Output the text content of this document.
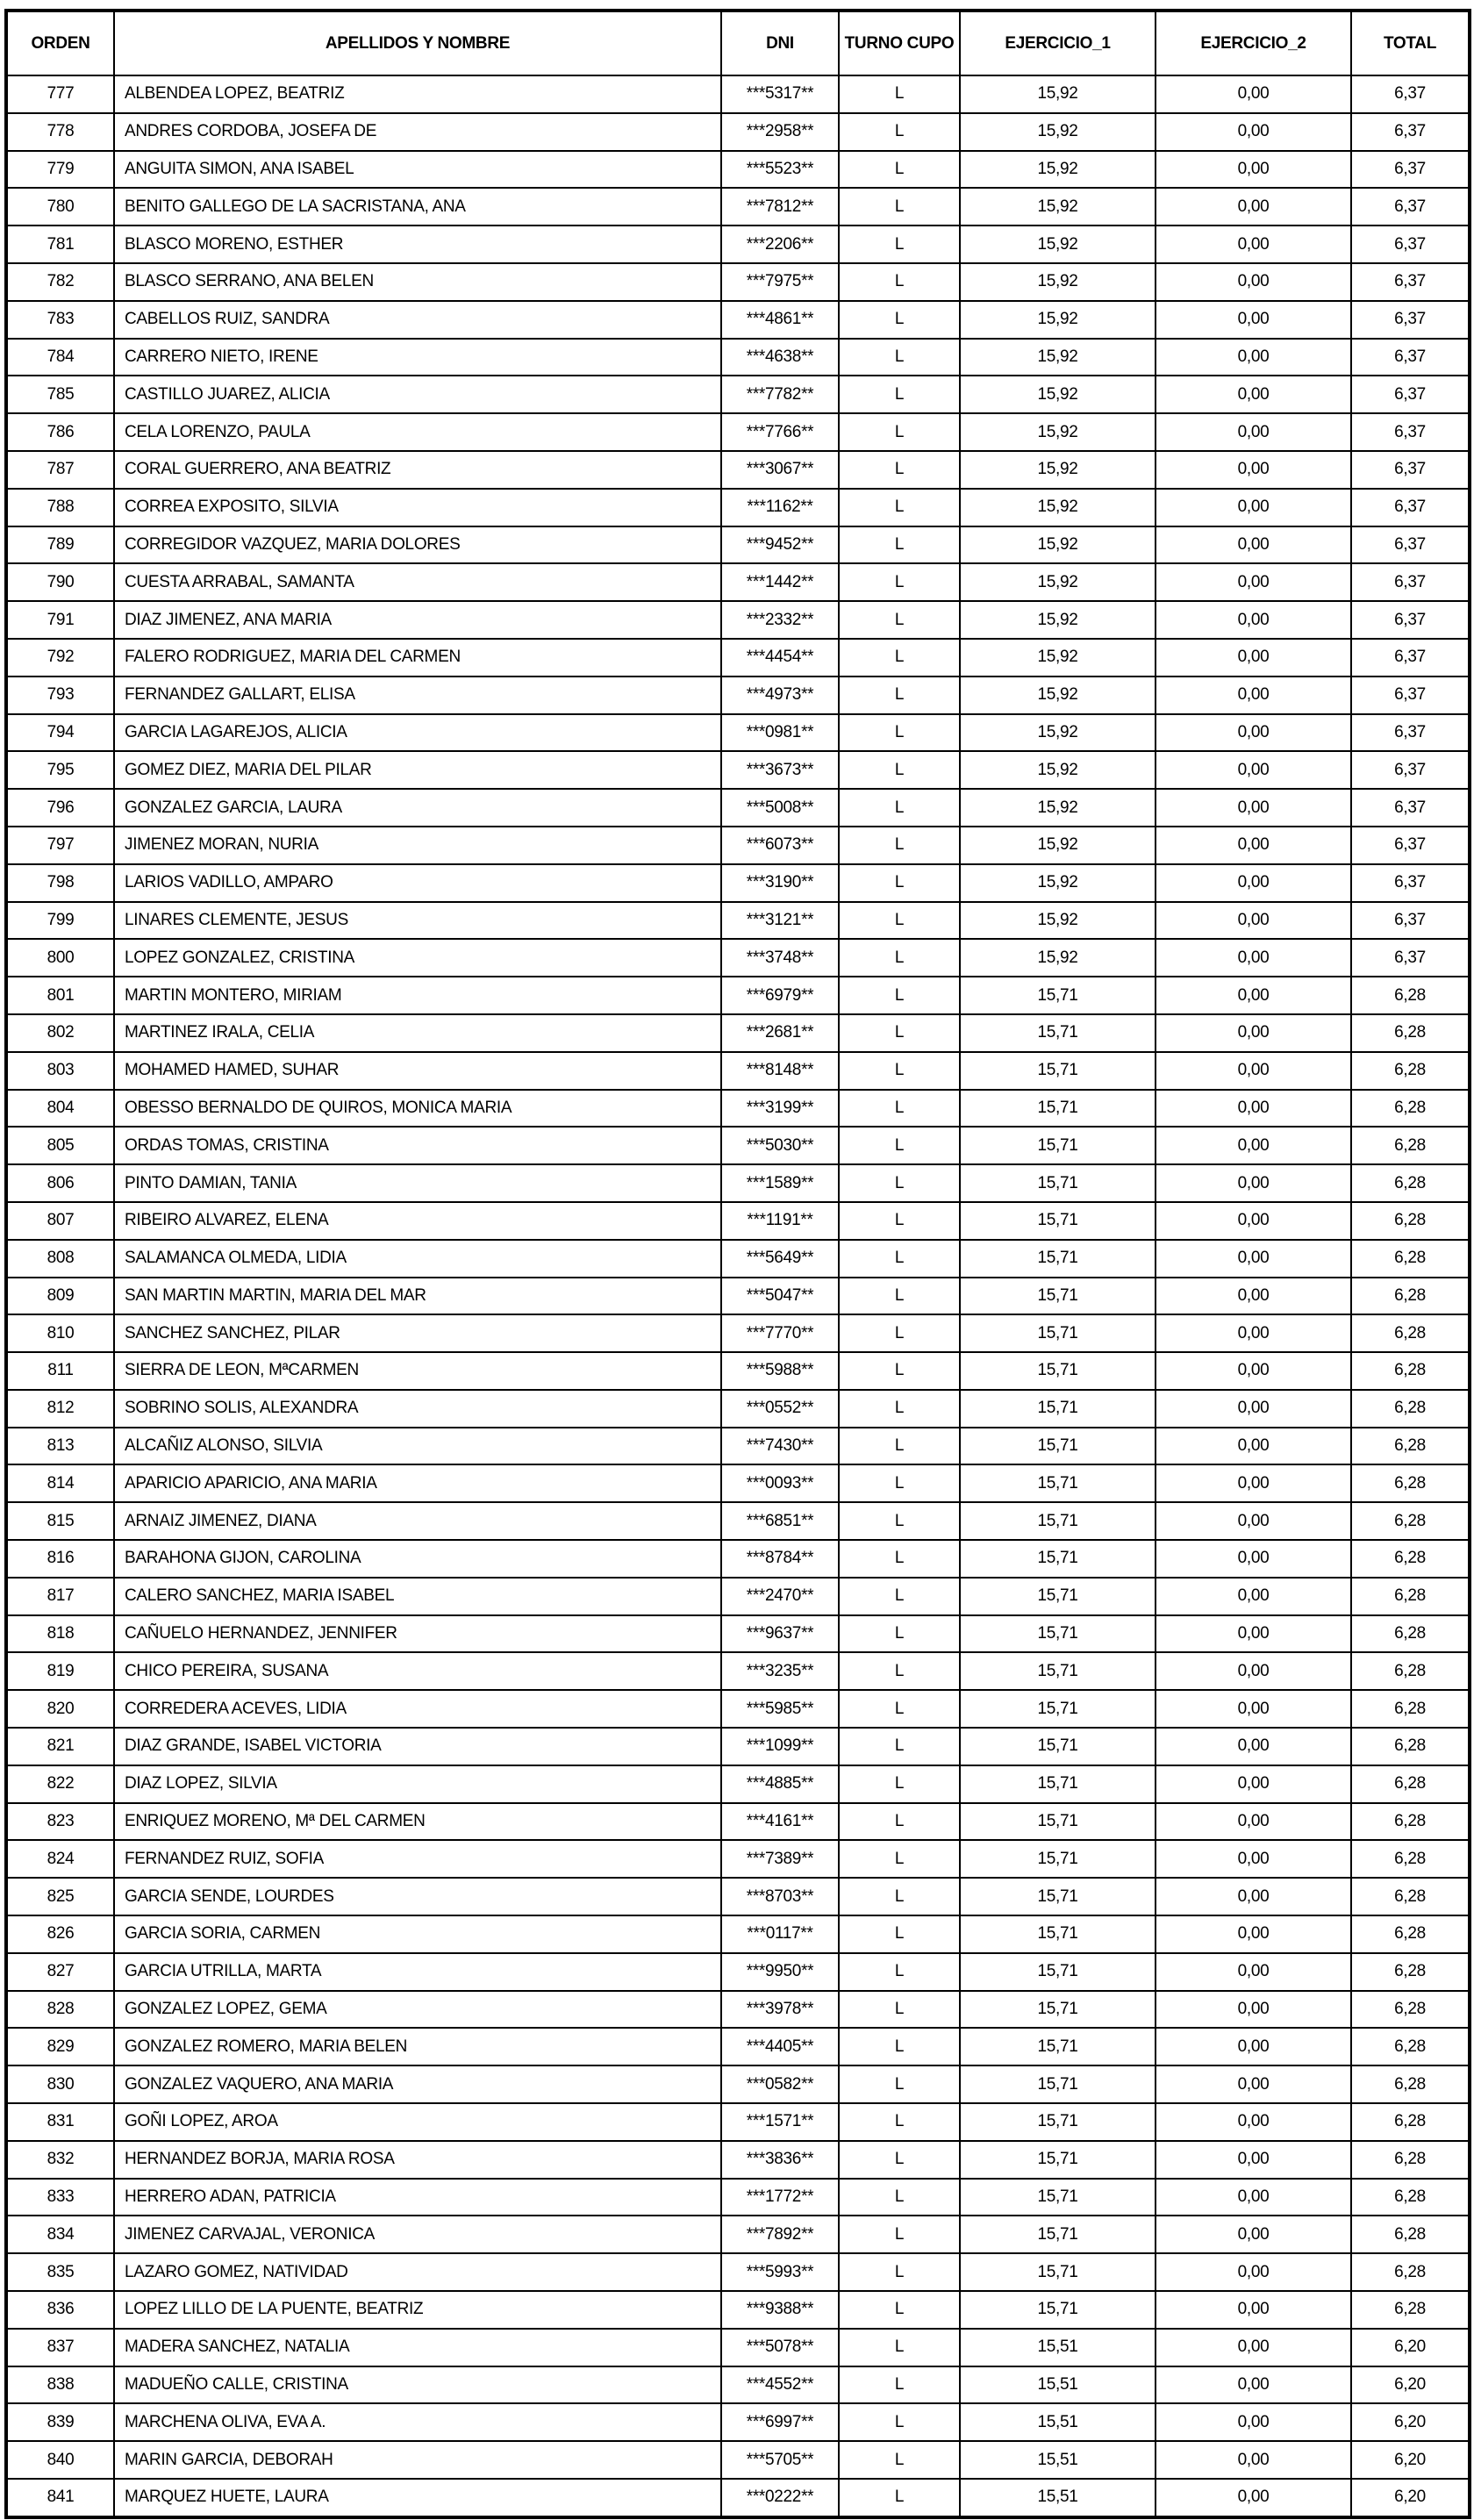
ORDEN	APELLIDOS Y NOMBRE	DNI	TURNO CUPO	EJERCICIO_1	EJERCICIO_2	TOTAL
777	ALBENDEA LOPEZ, BEATRIZ	***5317**	L	15,92	0,00	6,37
778	ANDRES CORDOBA, JOSEFA DE	***2958**	L	15,92	0,00	6,37
779	ANGUITA SIMON, ANA ISABEL	***5523**	L	15,92	0,00	6,37
780	BENITO GALLEGO DE LA SACRISTANA, ANA	***7812**	L	15,92	0,00	6,37
781	BLASCO MORENO, ESTHER	***2206**	L	15,92	0,00	6,37
782	BLASCO SERRANO, ANA BELEN	***7975**	L	15,92	0,00	6,37
783	CABELLOS RUIZ, SANDRA	***4861**	L	15,92	0,00	6,37
784	CARRERO NIETO, IRENE	***4638**	L	15,92	0,00	6,37
785	CASTILLO JUAREZ, ALICIA	***7782**	L	15,92	0,00	6,37
786	CELA LORENZO, PAULA	***7766**	L	15,92	0,00	6,37
787	CORAL GUERRERO, ANA BEATRIZ	***3067**	L	15,92	0,00	6,37
788	CORREA EXPOSITO, SILVIA	***1162**	L	15,92	0,00	6,37
789	CORREGIDOR VAZQUEZ, MARIA DOLORES	***9452**	L	15,92	0,00	6,37
790	CUESTA ARRABAL, SAMANTA	***1442**	L	15,92	0,00	6,37
791	DIAZ JIMENEZ, ANA MARIA	***2332**	L	15,92	0,00	6,37
792	FALERO RODRIGUEZ, MARIA DEL CARMEN	***4454**	L	15,92	0,00	6,37
793	FERNANDEZ GALLART, ELISA	***4973**	L	15,92	0,00	6,37
794	GARCIA LAGAREJOS, ALICIA	***0981**	L	15,92	0,00	6,37
795	GOMEZ DIEZ, MARIA DEL PILAR	***3673**	L	15,92	0,00	6,37
796	GONZALEZ GARCIA, LAURA	***5008**	L	15,92	0,00	6,37
797	JIMENEZ MORAN, NURIA	***6073**	L	15,92	0,00	6,37
798	LARIOS VADILLO, AMPARO	***3190**	L	15,92	0,00	6,37
799	LINARES CLEMENTE, JESUS	***3121**	L	15,92	0,00	6,37
800	LOPEZ GONZALEZ, CRISTINA	***3748**	L	15,92	0,00	6,37
801	MARTIN MONTERO, MIRIAM	***6979**	L	15,71	0,00	6,28
802	MARTINEZ IRALA, CELIA	***2681**	L	15,71	0,00	6,28
803	MOHAMED HAMED, SUHAR	***8148**	L	15,71	0,00	6,28
804	OBESSO BERNALDO DE QUIROS, MONICA MARIA	***3199**	L	15,71	0,00	6,28
805	ORDAS TOMAS, CRISTINA	***5030**	L	15,71	0,00	6,28
806	PINTO DAMIAN, TANIA	***1589**	L	15,71	0,00	6,28
807	RIBEIRO ALVAREZ, ELENA	***1191**	L	15,71	0,00	6,28
808	SALAMANCA OLMEDA, LIDIA	***5649**	L	15,71	0,00	6,28
809	SAN MARTIN MARTIN, MARIA DEL MAR	***5047**	L	15,71	0,00	6,28
810	SANCHEZ SANCHEZ, PILAR	***7770**	L	15,71	0,00	6,28
811	SIERRA DE LEON, MªCARMEN	***5988**	L	15,71	0,00	6,28
812	SOBRINO SOLIS, ALEXANDRA	***0552**	L	15,71	0,00	6,28
813	ALCAÑIZ ALONSO, SILVIA	***7430**	L	15,71	0,00	6,28
814	APARICIO APARICIO, ANA MARIA	***0093**	L	15,71	0,00	6,28
815	ARNAIZ JIMENEZ, DIANA	***6851**	L	15,71	0,00	6,28
816	BARAHONA GIJON, CAROLINA	***8784**	L	15,71	0,00	6,28
817	CALERO SANCHEZ, MARIA ISABEL	***2470**	L	15,71	0,00	6,28
818	CAÑUELO HERNANDEZ, JENNIFER	***9637**	L	15,71	0,00	6,28
819	CHICO PEREIRA, SUSANA	***3235**	L	15,71	0,00	6,28
820	CORREDERA ACEVES, LIDIA	***5985**	L	15,71	0,00	6,28
821	DIAZ GRANDE, ISABEL VICTORIA	***1099**	L	15,71	0,00	6,28
822	DIAZ LOPEZ, SILVIA	***4885**	L	15,71	0,00	6,28
823	ENRIQUEZ MORENO, Mª DEL CARMEN	***4161**	L	15,71	0,00	6,28
824	FERNANDEZ RUIZ, SOFIA	***7389**	L	15,71	0,00	6,28
825	GARCIA SENDE, LOURDES	***8703**	L	15,71	0,00	6,28
826	GARCIA SORIA, CARMEN	***0117**	L	15,71	0,00	6,28
827	GARCIA UTRILLA, MARTA	***9950**	L	15,71	0,00	6,28
828	GONZALEZ LOPEZ, GEMA	***3978**	L	15,71	0,00	6,28
829	GONZALEZ ROMERO, MARIA BELEN	***4405**	L	15,71	0,00	6,28
830	GONZALEZ VAQUERO, ANA MARIA	***0582**	L	15,71	0,00	6,28
831	GOÑI LOPEZ, AROA	***1571**	L	15,71	0,00	6,28
832	HERNANDEZ BORJA, MARIA ROSA	***3836**	L	15,71	0,00	6,28
833	HERRERO ADAN, PATRICIA	***1772**	L	15,71	0,00	6,28
834	JIMENEZ CARVAJAL, VERONICA	***7892**	L	15,71	0,00	6,28
835	LAZARO GOMEZ, NATIVIDAD	***5993**	L	15,71	0,00	6,28
836	LOPEZ LILLO DE LA PUENTE, BEATRIZ	***9388**	L	15,71	0,00	6,28
837	MADERA SANCHEZ, NATALIA	***5078**	L	15,51	0,00	6,20
838	MADUEÑO CALLE, CRISTINA	***4552**	L	15,51	0,00	6,20
839	MARCHENA OLIVA, EVA A.	***6997**	L	15,51	0,00	6,20
840	MARIN GARCIA, DEBORAH	***5705**	L	15,51	0,00	6,20
841	MARQUEZ HUETE, LAURA	***0222**	L	15,51	0,00	6,20
